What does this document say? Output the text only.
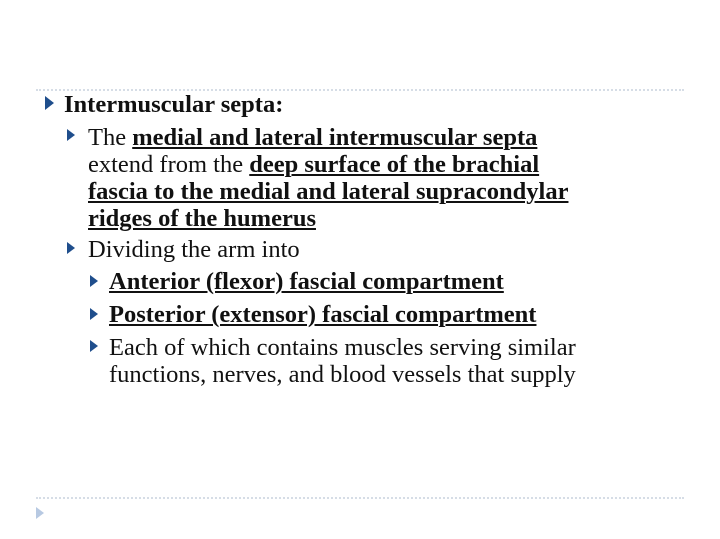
Intermuscular septa:
The medial and lateral intermuscular septa
extend from the deep surface of the brachial
fascia to the medial and lateral supracondylar
ridges of the humerus
Dividing the arm into
Anterior (flexor) fascial compartment
Posterior (extensor) fascial compartment
Each of which contains muscles serving similar
functions, nerves, and blood vessels that supply
